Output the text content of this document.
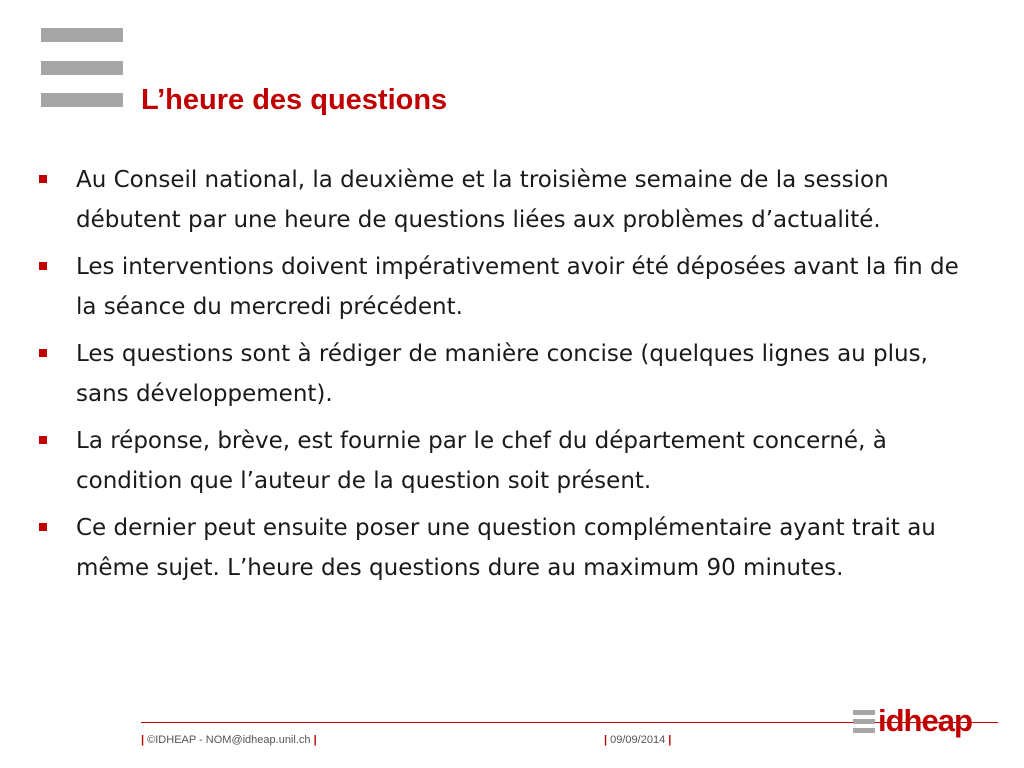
L’heure des questions
Au Conseil national, la deuxième et la troisième semaine de la session débutent par une heure de questions liées aux problèmes d’actualité.
Les interventions doivent impérativement avoir été déposées avant la fin de la séance du mercredi précédent.
Les questions sont à rédiger de manière concise (quelques lignes au plus, sans développement).
La réponse, brève, est fournie par le chef du département concerné, à condition que l’auteur de la question soit présent.
Ce dernier peut ensuite poser une question complémentaire ayant trait au même sujet. L’heure des questions dure au maximum 90 minutes.
| ©IDHEAP - NOM@idheap.unil.ch |	| 09/09/2014 |
idheap
